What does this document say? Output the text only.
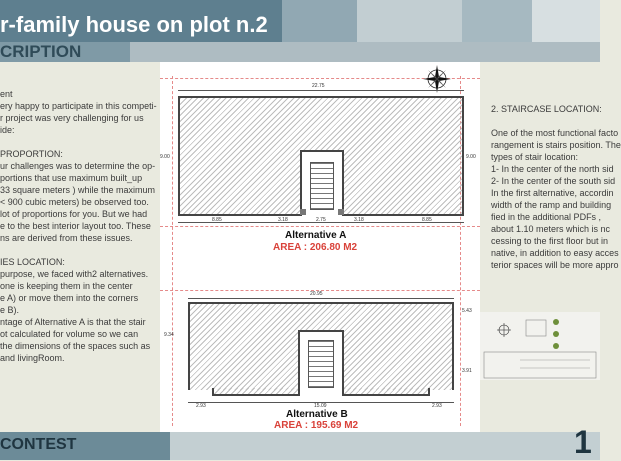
r-family house on plot n.2
CRIPTION

ent

ery happy to participate in this competi-

r project was very challenging for us

ide:

PROPORTION:

ur challenges was to determine the op-

portions that use maximum built_up

33 square meters ) while the maximum

< 900 cubic meters) be observed too.

lot of proportions for you. But we had

e to the best interior layout too. These

ns are derived from these issues.

IES LOCATION:

purpose, we faced with2 alternatives.

one is keeping them in the center

e A) or move them into the corners

e B).

ntage of Alternative A is that the stair

ot calculated for volume so we can

the dimensions of the spaces such as

and livingRoom.

2. STAIRCASE LOCATION:

One of the most functional facto

rangement is stairs position. The

types of stair location:

1- In the center of the north sid

2- In the center of the south sid

In the first alternative, accordin

width of the ramp and building

fied in the additional PDFs ,

about 1.10 meters which is nc

cessing to the first floor but in

native, in addition to easy acces

terior spaces will be more appro

22.75
9.00	9.00
8.85	3.18	2.75	3.18	8.85
Alternative A
AREA : 206.80 M2
20.95
9.34
5.43
3.91
2.93	15.09	2.93
Alternative B
AREA : 195.69 M2
CONTEST	1
